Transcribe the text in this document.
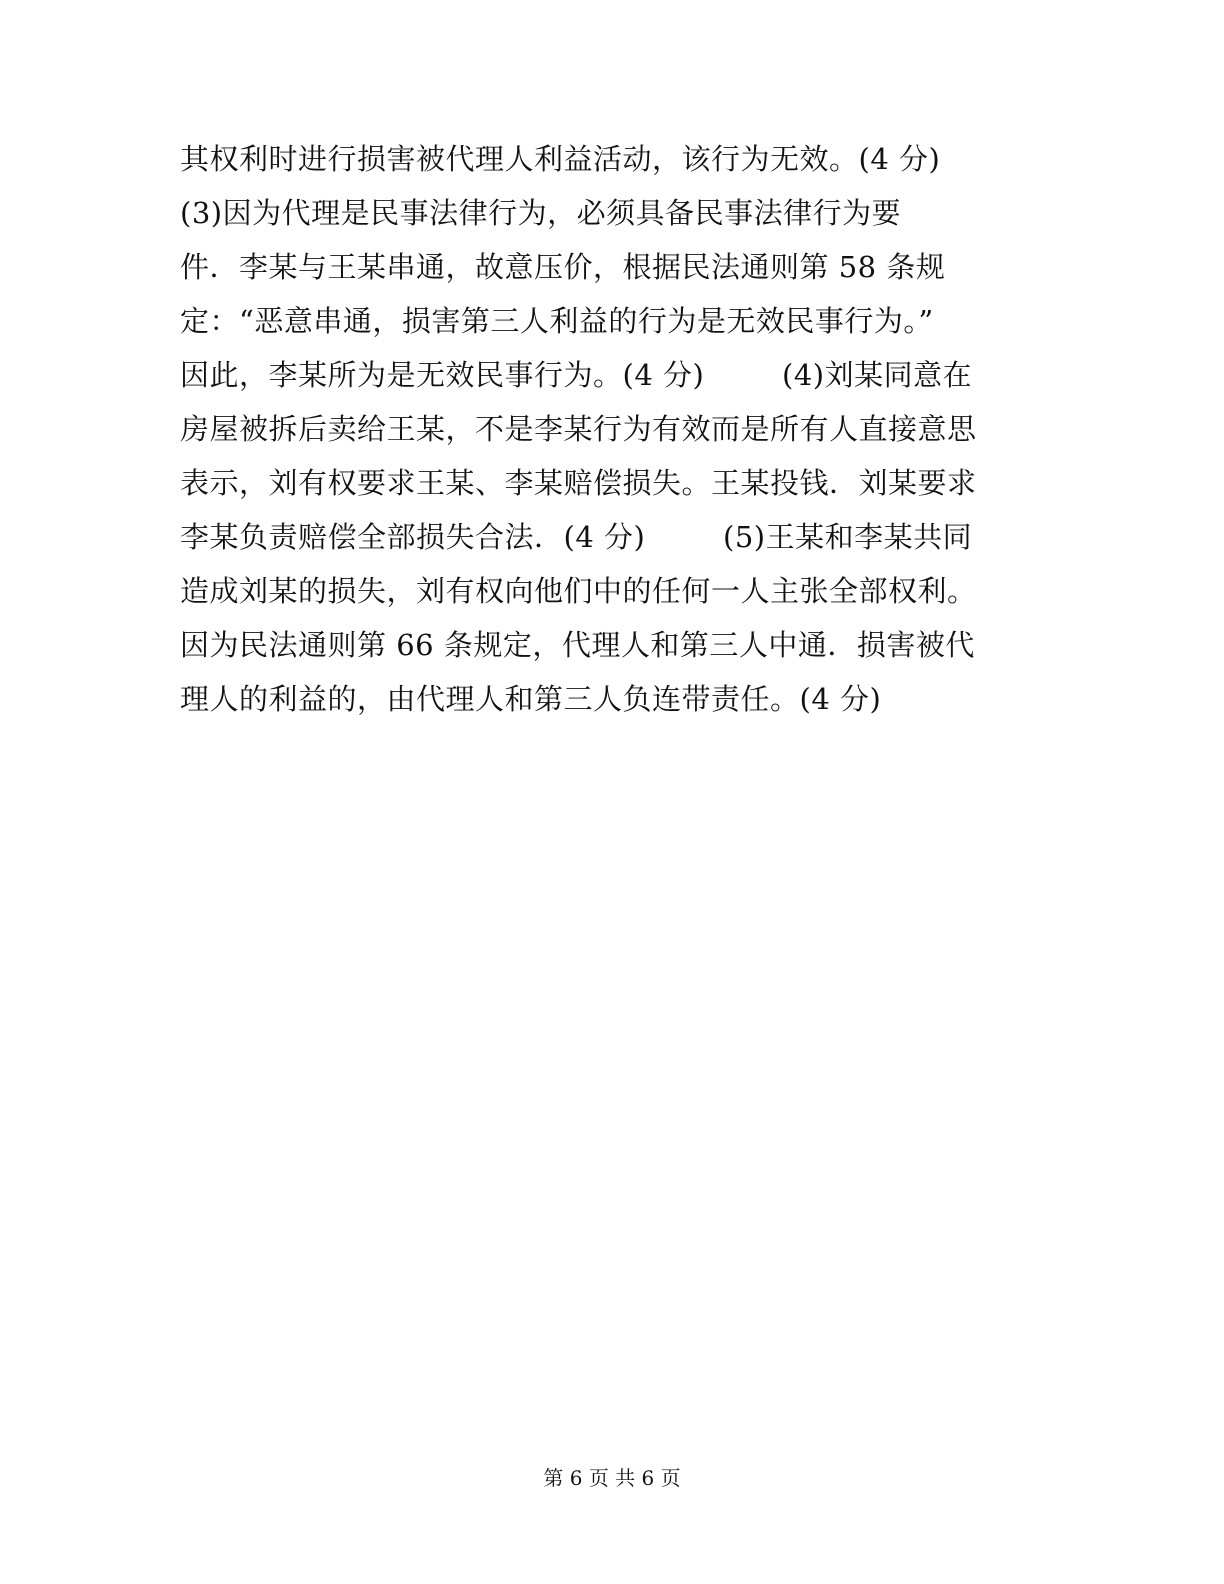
其权利时进行损害被代理人利益活动，该行为无效。(4 分)
(3)因为代理是民事法律行为，必须具备民事法律行为要
件．李某与王某串通，故意压价，根据民法通则第 58 条规
定：“恶意串通，损害第三人利益的行为是无效民事行为。”
因此，李某所为是无效民事行为。(4 分)        (4)刘某同意在
房屋被拆后卖给王某，不是李某行为有效而是所有人直接意思
表示，刘有权要求王某、李某赔偿损失。王某投钱．刘某要求
李某负责赔偿全部损失合法．(4 分)        (5)王某和李某共同
造成刘某的损失，刘有权向他们中的任何一人主张全部权利。
因为民法通则第 66 条规定，代理人和第三人中通．损害被代
理人的利益的，由代理人和第三人负连带责任。(4 分)
第 6 页 共 6 页
